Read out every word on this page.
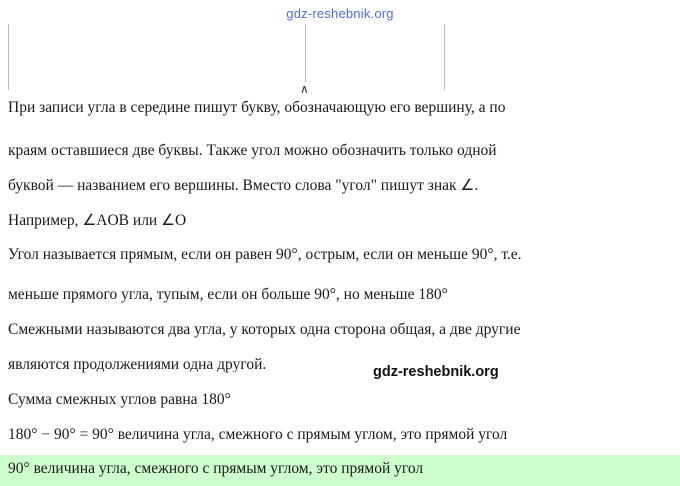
gdz-reshebnik.org
∧
При записи угла в середине пишут букву, обозначающую его вершину, а по
краям оставшиеся две буквы. Также угол можно обозначить только одной
буквой — названием его вершины. Вместо слова "угол" пишут знак ∠.
Например, ∠AOB или ∠O
Угол называется прямым, если он равен 90°, острым, если он меньше 90°, т.е.
меньше прямого угла, тупым, если он больше 90°, но меньше 180°
Смежными называются два угла, у которых одна сторона общая, а две другие
являются продолжениями одна другой.
Сумма смежных углов равна 180°
180° − 90° = 90° величина угла, смежного с прямым углом, это прямой угол
90° величина угла, смежного с прямым углом, это прямой угол
gdz-reshebnik.org	gdz-reshebnik.org
gdz-reshebnik.org	gdz-reshebnik.org	gdz-reshebnik.org
gdz-reshebnik.org	gdz-reshebnik.org
